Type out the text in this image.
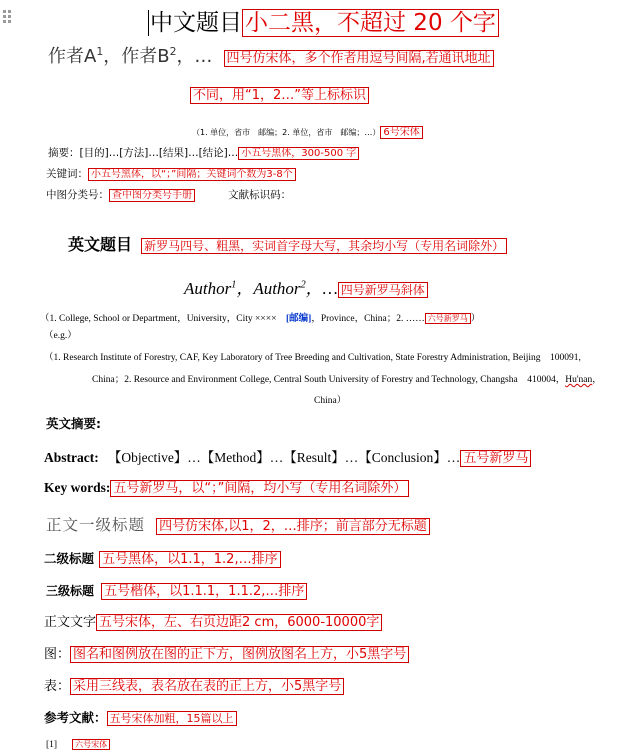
中文题目 小二黑，不超过 20 个字
作者$A^1$，作者$B^2$，… 四号仿宋体，多个作者用逗号间隔,若通讯地址
不同，用“1，2…”等上标标识
（1. 单位，省市　邮编；2. 单位，省市　邮编；…） 6号宋体
摘要：[目的]…[方法]…[结果]…[结论]… 小五号黑体，300-500 字
关键词： 小五号黑体，以“；”间隔；关键词个数为3-8个
中图分类号： 查中图分类号手册	文献标识码：
英文题目 新罗马四号、粗黑，实词首字母大写，其余均小写（专用名词除外）
Author$^1$，Author$^2$，… 四号新罗马斜体
（1. College, School or Department，University，City ××××　[邮编]，Province，China；2. …… 六号新罗马 ）
（e.g.）
（1. Research Institute of Forestry, CAF, Key Laboratory of Tree Breeding and Cultivation, State Forestry Administration, Beijing　100091,
China；2. Resource and Environment College, Central South University of Forestry and Technology, Changsha　410004，Hu'nan，
China）
英文摘要:
Abstract: 【Objective】…【Method】…【Result】…【Conclusion】… 五号新罗马
Key words: 五号新罗马，以“；”间隔，均小写（专用名词除外）
正文一级标题 四号仿宋体,以1，2，…排序；前言部分无标题
二级标题 五号黑体，以1.1，1.2,…排序
三级标题 五号楷体，以1.1.1，1.1.2,…排序
正文文字 五号宋体，左、右页边距2 cm，6000-10000字
图： 图名和图例放在图的正下方，图例放图名上方，小5黑字号
表： 采用三线表，表名放在表的正上方，小5黑字号
参考文献： 五号宋体加粗，15篇以上
[1] 六号宋体
